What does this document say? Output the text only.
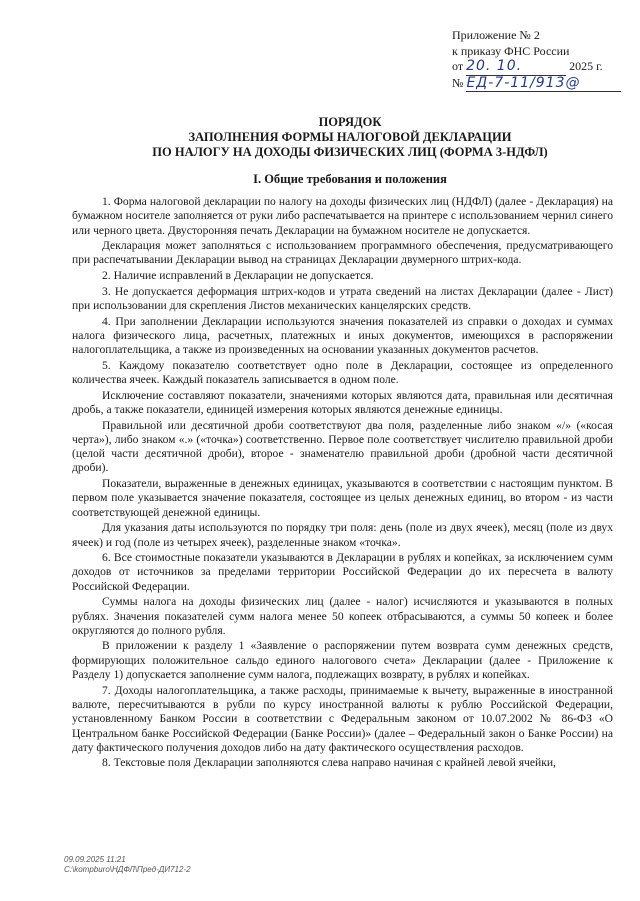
Приложение № 2
к приказу ФНС России
от 20. 10.	2025 г.
№ ЕД-7-11/913@
ПОРЯДОК
ЗАПОЛНЕНИЯ ФОРМЫ НАЛОГОВОЙ ДЕКЛАРАЦИИ
ПО НАЛОГУ НА ДОХОДЫ ФИЗИЧЕСКИХ ЛИЦ (ФОРМА 3-НДФЛ)
I. Общие требования и положения

1. Форма налоговой декларации по налогу на доходы физических лиц (НДФЛ) (далее - Декларация) на бумажном носителе заполняется от руки либо распечатывается на принтере с использованием чернил синего или черного цвета. Двусторонняя печать Декларации на бумажном носителе не допускается.

Декларация может заполняться с использованием программного обеспечения, предусматривающего при распечатывании Декларации вывод на страницах Декларации двумерного штрих-кода.

2. Наличие исправлений в Декларации не допускается.

3. Не допускается деформация штрих-кодов и утрата сведений на листах Декларации (далее - Лист) при использовании для скрепления Листов механических канцелярских средств.

4. При заполнении Декларации используются значения показателей из справки о доходах и суммах налога физического лица, расчетных, платежных и иных документов, имеющихся в распоряжении налогоплательщика, а также из произведенных на основании указанных документов расчетов.

5. Каждому показателю соответствует одно поле в Декларации, состоящее из определенного количества ячеек. Каждый показатель записывается в одном поле.

Исключение составляют показатели, значениями которых являются дата, правильная или десятичная дробь, а также показатели, единицей измерения которых являются денежные единицы.

Правильной или десятичной дроби соответствуют два поля, разделенные либо знаком «/» («косая черта»), либо знаком «.» («точка») соответственно. Первое поле соответствует числителю правильной дроби (целой части десятичной дроби), второе - знаменателю правильной дроби (дробной части десятичной дроби).

Показатели, выраженные в денежных единицах, указываются в соответствии с настоящим пунктом. В первом поле указывается значение показателя, состоящее из целых денежных единиц, во втором - из части соответствующей денежной единицы.

Для указания даты используются по порядку три поля: день (поле из двух ячеек), месяц (поле из двух ячеек) и год (поле из четырех ячеек), разделенные знаком «точка».

6. Все стоимостные показатели указываются в Декларации в рублях и копейках, за исключением сумм доходов от источников за пределами территории Российской Федерации до их пересчета в валюту Российской Федерации.

Суммы налога на доходы физических лиц (далее - налог) исчисляются и указываются в полных рублях. Значения показателей сумм налога менее 50 копеек отбрасываются, а суммы 50 копеек и более округляются до полного рубля.

В приложении к разделу 1 «Заявление о распоряжении путем возврата сумм денежных средств, формирующих положительное сальдо единого налогового счета» Декларации (далее - Приложение к Разделу 1) допускается заполнение сумм налога, подлежащих возврату, в рублях и копейках.

7. Доходы налогоплательщика, а также расходы, принимаемые к вычету, выраженные в иностранной валюте, пересчитываются в рубли по курсу иностранной валюты к рублю Российской Федерации, установленному Банком России в соответствии с Федеральным законом от 10.07.2002 № 86-ФЗ «О Центральном банке Российской Федерации (Банке России)» (далее – Федеральный закон о Банке России) на дату фактического получения доходов либо на дату фактического осуществления расходов.

8. Текстовые поля Декларации заполняются слева направо начиная с крайней левой ячейки,

09.09.2025 11:21
C:\kompburo\НДФЛ\Пред-ДИ712-2
